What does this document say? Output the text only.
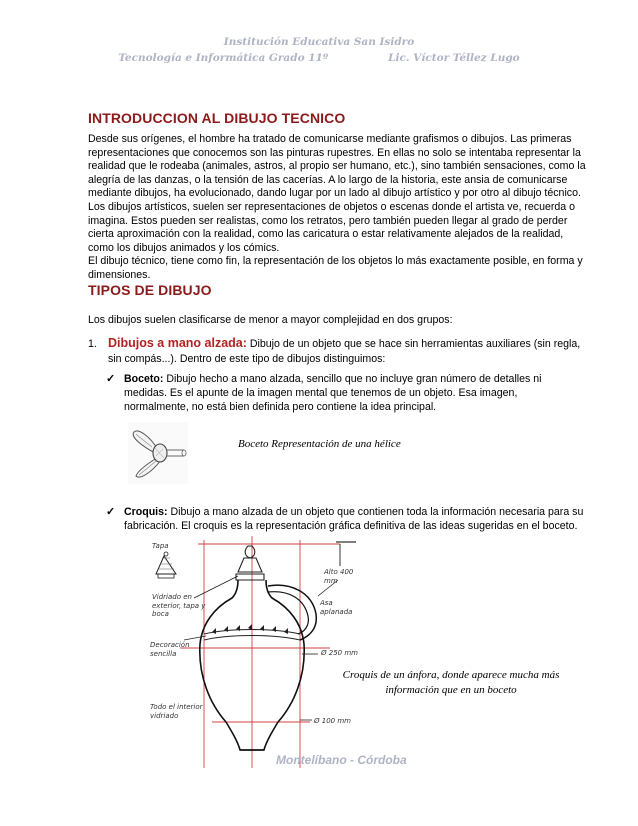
Institución Educativa San Isidro
Tecnología e Informática Grado 11º	Lic. Víctor Téllez Lugo
INTRODUCCION AL DIBUJO TECNICO
Desde sus orígenes, el hombre ha tratado de comunicarse mediante grafismos o dibujos. Las primeras representaciones que conocemos son las pinturas rupestres. En ellas no solo se intentaba representar la realidad que le rodeaba (animales, astros, al propio ser humano, etc.), sino también sensaciones, como la alegría de las danzas, o la tensión de las cacerías. A lo largo de la historia, este ansia de comunicarse mediante dibujos, ha evolucionado, dando lugar por un lado al dibujo artístico y por otro al dibujo técnico. Los dibujos artísticos, suelen ser representaciones de objetos o escenas donde el artista ve, recuerda o imagina. Estos pueden ser realistas, como los retratos, pero también pueden llegar al grado de perder cierta aproximación con la realidad, como las caricatura o estar relativamente alejados de la realidad, como los dibujos animados y los cómics.
El dibujo técnico, tiene como fin, la representación de los objetos lo más exactamente posible, en forma y dimensiones.
TIPOS DE DIBUJO
Los dibujos suelen clasificarse de menor a mayor complejidad en dos grupos:
1. Dibujos a mano alzada: Dibujo de un objeto que se hace sin herramientas auxiliares (sin regla, sin compás...). Dentro de este tipo de dibujos distinguimos:
✓ Boceto: Dibujo hecho a mano alzada, sencillo que no incluye gran número de detalles ni medidas. Es el apunte de la imagen mental que tenemos de un objeto. Esa imagen, normalmente, no está bien definida pero contiene la idea principal.
Boceto Representación de una hélice
✓ Croquis: Dibujo a mano alzada de un objeto que contienen toda la información necesaria para su fabricación. El croquis es la representación gráfica definitiva de las ideas sugeridas en el boceto.
Tapa
Vidriado en exterior, tapa y boca
Decoración sencilla
Todo el interior vidriado
Alto 400 mm
Asa aplanada
Ø 250 mm
Ø 100 mm
Croquis de un ánfora, donde aparece mucha más información que en un boceto
Montelíbano - Córdoba
